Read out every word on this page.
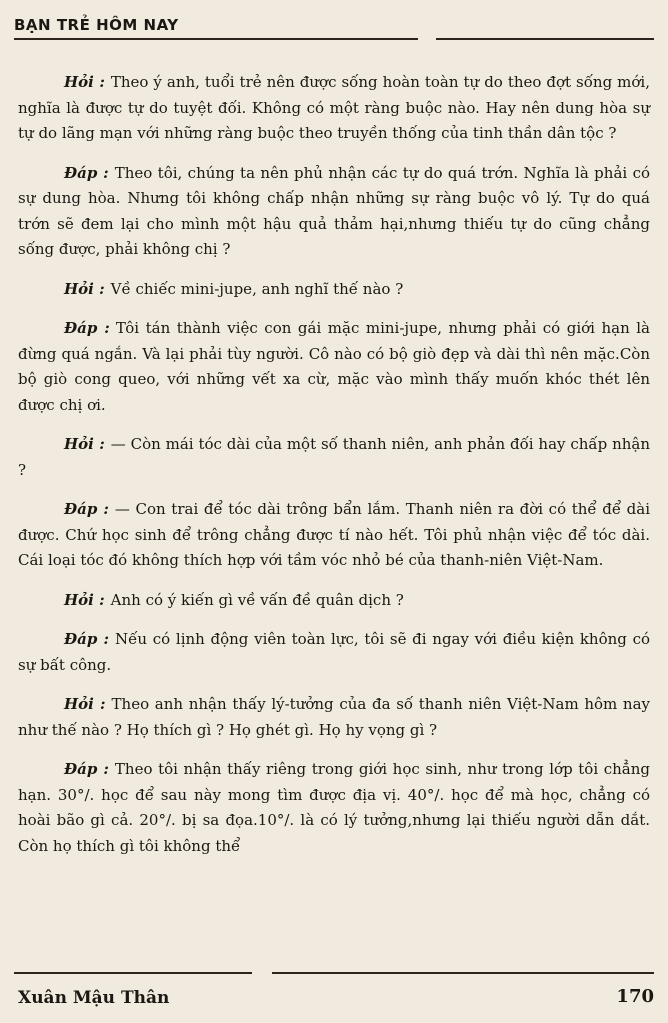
BẠN TRẺ HÔM NAY

Hỏi : Theo ý anh, tuổi trẻ nên được sống hoàn toàn tự do theo đợt sống mới, nghĩa là được tự do tuyệt đối. Không có một ràng buộc nào. Hay nên dung hòa sự tự do lãng mạn với những ràng buộc theo truyền thống của tinh thần dân tộc ?

Đáp : Theo tôi, chúng ta nên phủ nhận các tự do quá trớn. Nghĩa là phải có sự dung hòa. Nhưng tôi không chấp nhận những sự ràng buộc vô lý. Tự do quá trớn sẽ đem lại cho mình một hậu quả thảm hại,nhưng thiếu tự do cũng chẳng sống được, phải không chị ?

Hỏi : Về chiếc mini-jupe, anh nghĩ thế nào ?

Đáp : Tôi tán thành việc con gái mặc mini-jupe, nhưng phải có giới hạn là đừng quá ngắn. Và lại phải tùy người. Cô nào có bộ giò đẹp và dài thì nên mặc.Còn bộ giò cong queo, với những vết xa cừ, mặc vào mình thấy muốn khóc thét lên được chị ơi.

Hỏi : — Còn mái tóc dài của một số thanh niên, anh phản đối hay chấp nhận ?

Đáp : — Con trai để tóc dài trông bẩn lắm. Thanh niên ra đời có thể để dài được. Chứ học sinh để trông chẳng được tí nào hết. Tôi phủ nhận việc để tóc dài. Cái loại tóc đó không thích hợp với tầm vóc nhỏ bé của thanh-niên Việt-Nam.

Hỏi : Anh có ý kiến gì về vấn đề quân dịch ?

Đáp : Nếu có lịnh động viên toàn lực, tôi sẽ đi ngay với điều kiện không có sự bất công.

Hỏi : Theo anh nhận thấy lý-tưởng của đa số thanh niên Việt-Nam hôm nay như thế nào ? Họ thích gì ? Họ ghét gì. Họ hy vọng gì ?

Đáp : Theo tôi nhận thấy riêng trong giới học sinh, như trong lớp tôi chẳng hạn. 30°/. học để sau này mong tìm được địa vị. 40°/. học để mà học, chẳng có hoài bão gì cả. 20°/. bị sa đọa.10°/. là có lý tưởng,nhưng lại thiếu người dẫn dắt. Còn họ thích gì tôi không thể

Xuân Mậu Thân	170
